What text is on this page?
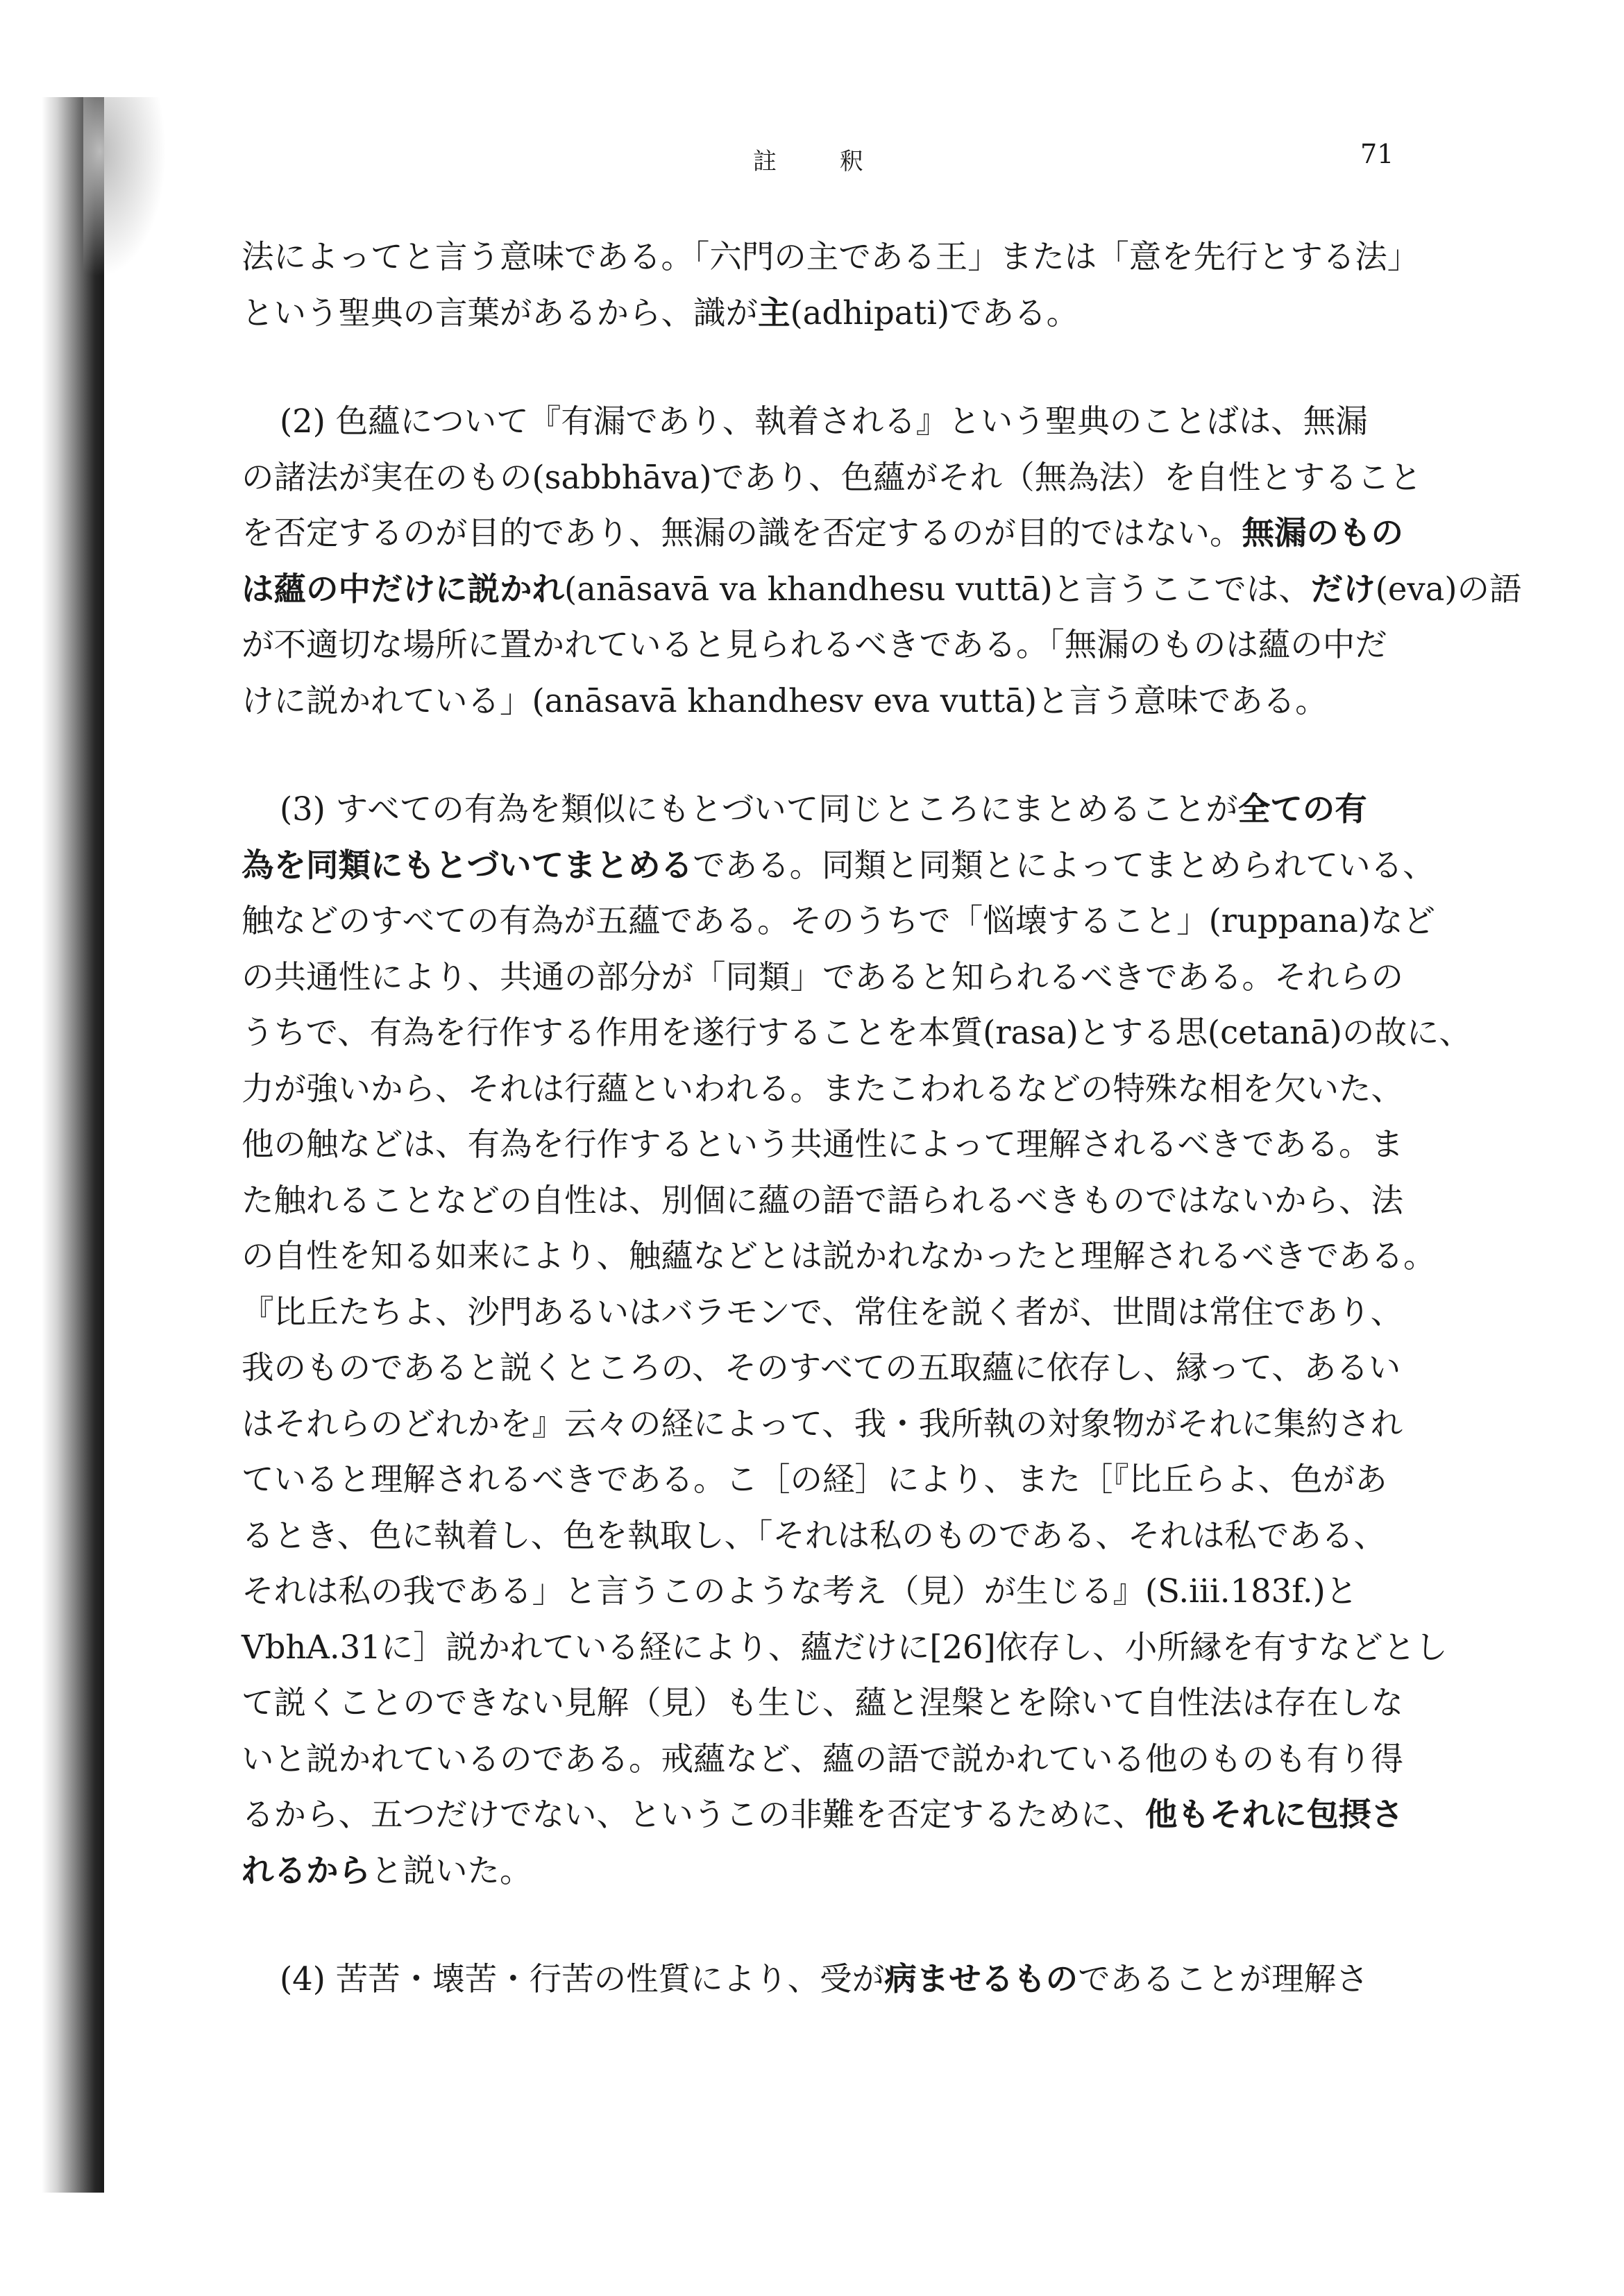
註 釈	71
法によってと言う意味である。「六門の主である王」または「意を先行とする法」
という聖典の言葉があるから、識が主(adhipati)である。
(2) 色蘊について『有漏であり、執着される』という聖典のことばは、無漏
の諸法が実在のもの(sabbhāva)であり、色蘊がそれ（無為法）を自性とすること
を否定するのが目的であり、無漏の識を否定するのが目的ではない。無漏のもの
は蘊の中だけに説かれ(anāsavā va khandhesu vuttā)と言うここでは、だけ(eva)の語
が不適切な場所に置かれていると見られるべきである。「無漏のものは蘊の中だ
けに説かれている」(anāsavā khandhesv eva vuttā)と言う意味である。
(3) すべての有為を類似にもとづいて同じところにまとめることが全ての有
為を同類にもとづいてまとめるである。同類と同類とによってまとめられている、
触などのすべての有為が五蘊である。そのうちで「悩壊すること」(ruppana)など
の共通性により、共通の部分が「同類」であると知られるべきである。それらの
うちで、有為を行作する作用を遂行することを本質(rasa)とする思(cetanā)の故に、
力が強いから、それは行蘊といわれる。またこわれるなどの特殊な相を欠いた、
他の触などは、有為を行作するという共通性によって理解されるべきである。ま
た触れることなどの自性は、別個に蘊の語で語られるべきものではないから、法
の自性を知る如来により、触蘊などとは説かれなかったと理解されるべきである。
『比丘たちよ、沙門あるいはバラモンで、常住を説く者が、世間は常住であり、
我のものであると説くところの、そのすべての五取蘊に依存し、縁って、あるい
はそれらのどれかを』云々の経によって、我・我所執の対象物がそれに集約され
ていると理解されるべきである。こ［の経］により、また［『比丘らよ、色があ
るとき、色に執着し、色を執取し、「それは私のものである、それは私である、
それは私の我である」と言うこのような考え（見）が生じる』(S.iii.183f.)と
VbhA.31に］説かれている経により、蘊だけに[26]依存し、小所縁を有すなどとし
て説くことのできない見解（見）も生じ、蘊と涅槃とを除いて自性法は存在しな
いと説かれているのである。戒蘊など、蘊の語で説かれている他のものも有り得
るから、五つだけでない、というこの非難を否定するために、他もそれに包摂さ
れるからと説いた。
(4) 苦苦・壊苦・行苦の性質により、受が病ませるものであることが理解さ
